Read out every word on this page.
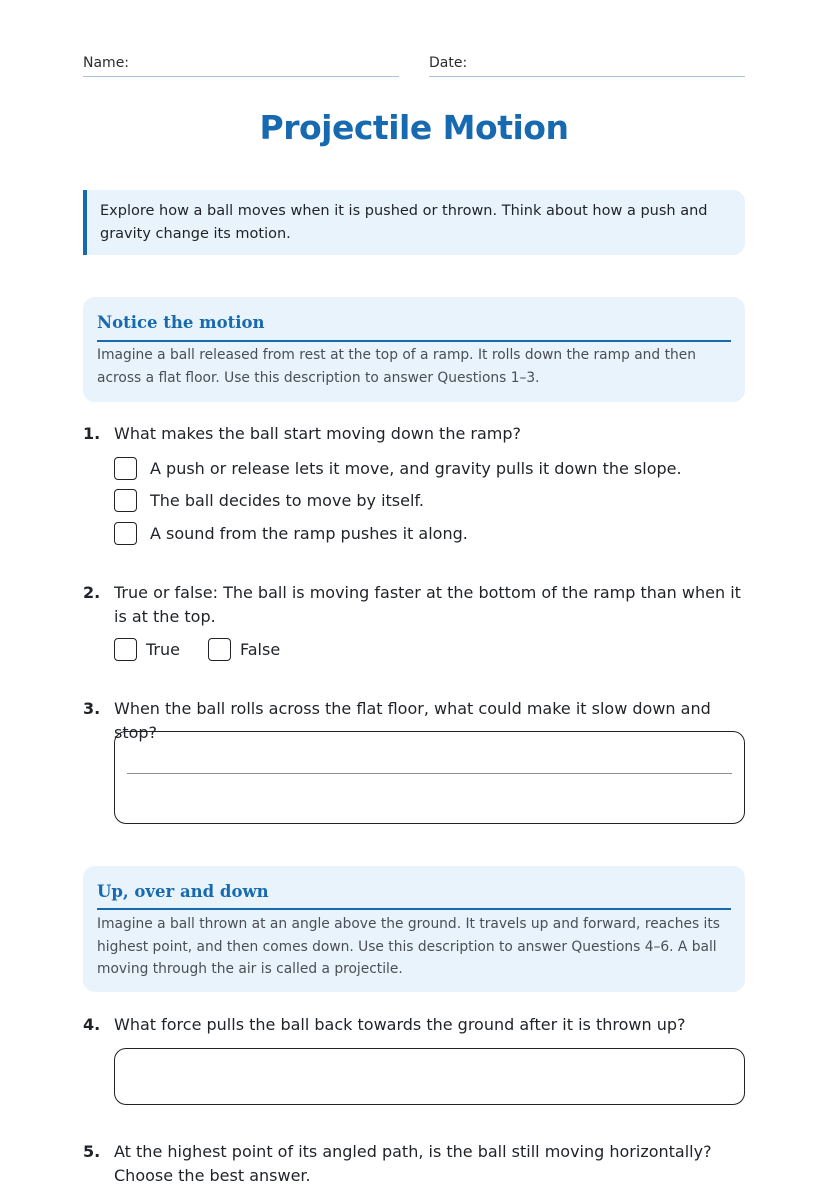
Name:	Date:
Projectile Motion
Explore how a ball moves when it is pushed or thrown. Think about how a push and gravity change its motion.
Notice the motion
Imagine a ball released from rest at the top of a ramp. It rolls down the ramp and then across a flat floor. Use this description to answer Questions 1–3.
1. What makes the ball start moving down the ramp?
A push or release lets it move, and gravity pulls it down the slope.
The ball decides to move by itself.
A sound from the ramp pushes it along.
2. True or false: The ball is moving faster at the bottom of the ramp than when it is at the top.
True	False
3. When the ball rolls across the flat floor, what could make it slow down and stop?
Up, over and down
Imagine a ball thrown at an angle above the ground. It travels up and forward, reaches its highest point, and then comes down. Use this description to answer Questions 4–6. A ball moving through the air is called a projectile.
4. What force pulls the ball back towards the ground after it is thrown up?
5. At the highest point of its angled path, is the ball still moving horizontally? Choose the best answer.
